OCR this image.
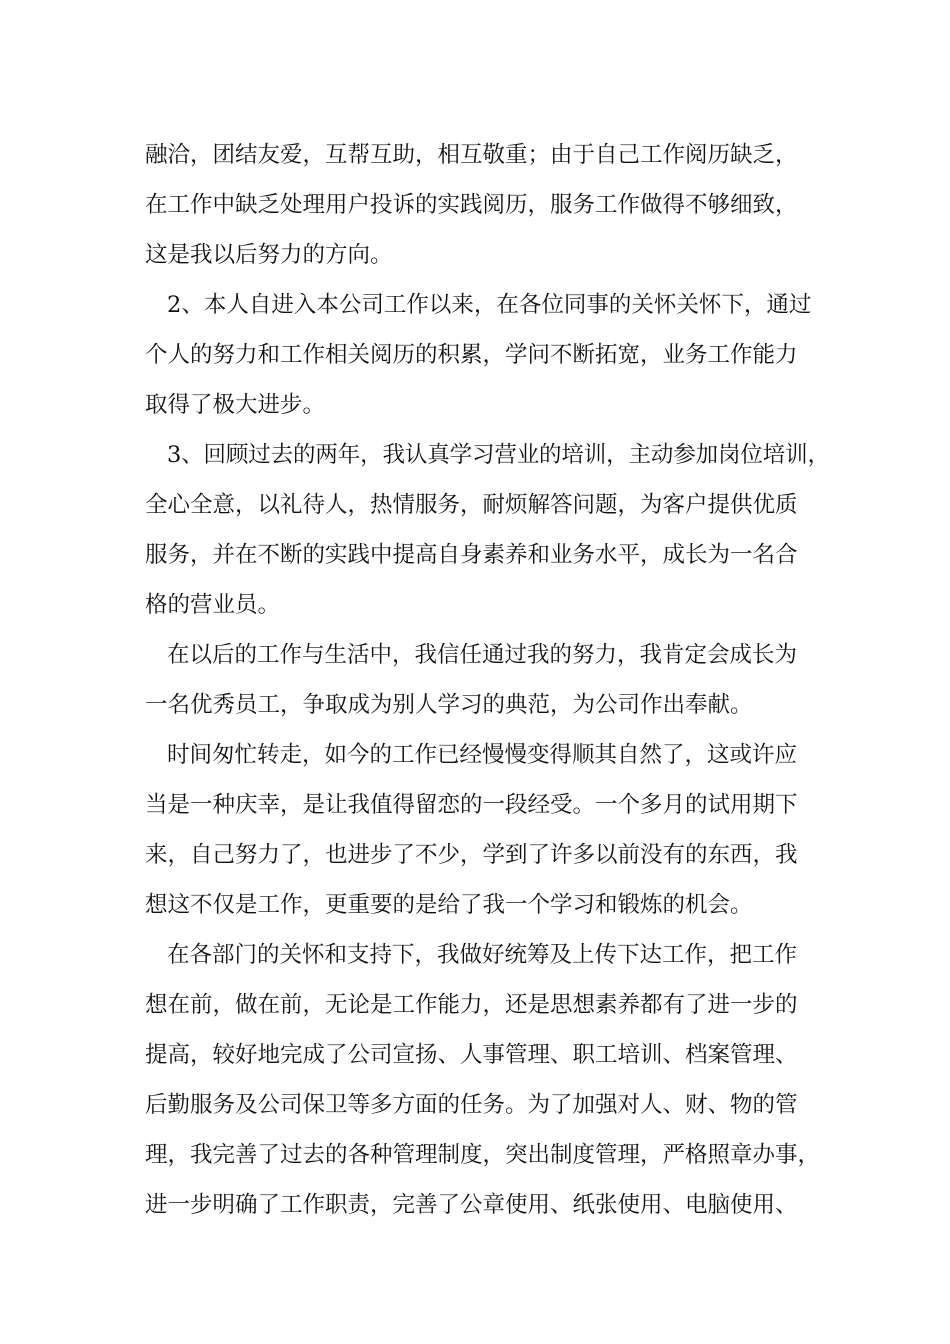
融洽，团结友爱，互帮互助，相互敬重；由于自己工作阅历缺乏，
在工作中缺乏处理用户投诉的实践阅历，服务工作做得不够细致，
这是我以后努力的方向。
2、本人自进入本公司工作以来，在各位同事的关怀关怀下，通过
个人的努力和工作相关阅历的积累，学问不断拓宽，业务工作能力
取得了极大进步。
3、回顾过去的两年，我认真学习营业的培训，主动参加岗位培训，
全心全意，以礼待人，热情服务，耐烦解答问题，为客户提供优质
服务，并在不断的实践中提高自身素养和业务水平，成长为一名合
格的营业员。
在以后的工作与生活中，我信任通过我的努力，我肯定会成长为
一名优秀员工，争取成为别人学习的典范，为公司作出奉献。
时间匆忙转走，如今的工作已经慢慢变得顺其自然了，这或许应
当是一种庆幸，是让我值得留恋的一段经受。一个多月的试用期下
来，自己努力了，也进步了不少，学到了许多以前没有的东西，我
想这不仅是工作，更重要的是给了我一个学习和锻炼的机会。
在各部门的关怀和支持下，我做好统筹及上传下达工作，把工作
想在前，做在前，无论是工作能力，还是思想素养都有了进一步的
提高，较好地完成了公司宣扬、人事管理、职工培训、档案管理、
后勤服务及公司保卫等多方面的任务。为了加强对人、财、物的管
理，我完善了过去的各种管理制度，突出制度管理，严格照章办事，
进一步明确了工作职责，完善了公章使用、纸张使用、电脑使用、
